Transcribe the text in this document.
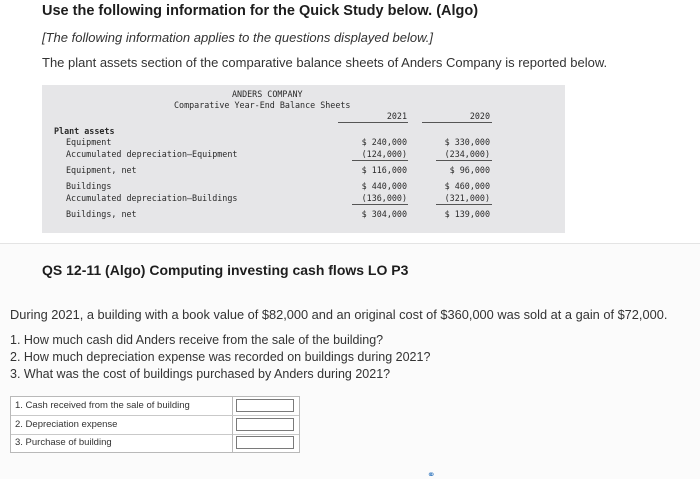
Use the following information for the Quick Study below. (Algo)
[The following information applies to the questions displayed below.]
The plant assets section of the comparative balance sheets of Anders Company is reported below.
ANDERS COMPANY
Comparative Year-End Balance Sheets
2021	2020
Plant assets
Equipment	$ 240,000	$ 330,000
Accumulated depreciation—Equipment	(124,000)	(234,000)
Equipment, net	$ 116,000	$ 96,000
Buildings	$ 440,000	$ 460,000
Accumulated depreciation—Buildings	(136,000)	(321,000)
Buildings, net	$ 304,000	$ 139,000
QS 12-11 (Algo) Computing investing cash flows LO P3
During 2021, a building with a book value of $82,000 and an original cost of $360,000 was sold at a gain of $72,000.
1. How much cash did Anders receive from the sale of the building?
2. How much depreciation expense was recorded on buildings during 2021?
3. What was the cost of buildings purchased by Anders during 2021?
1. Cash received from the sale of building
2. Depreciation expense
3. Purchase of building
⚭
